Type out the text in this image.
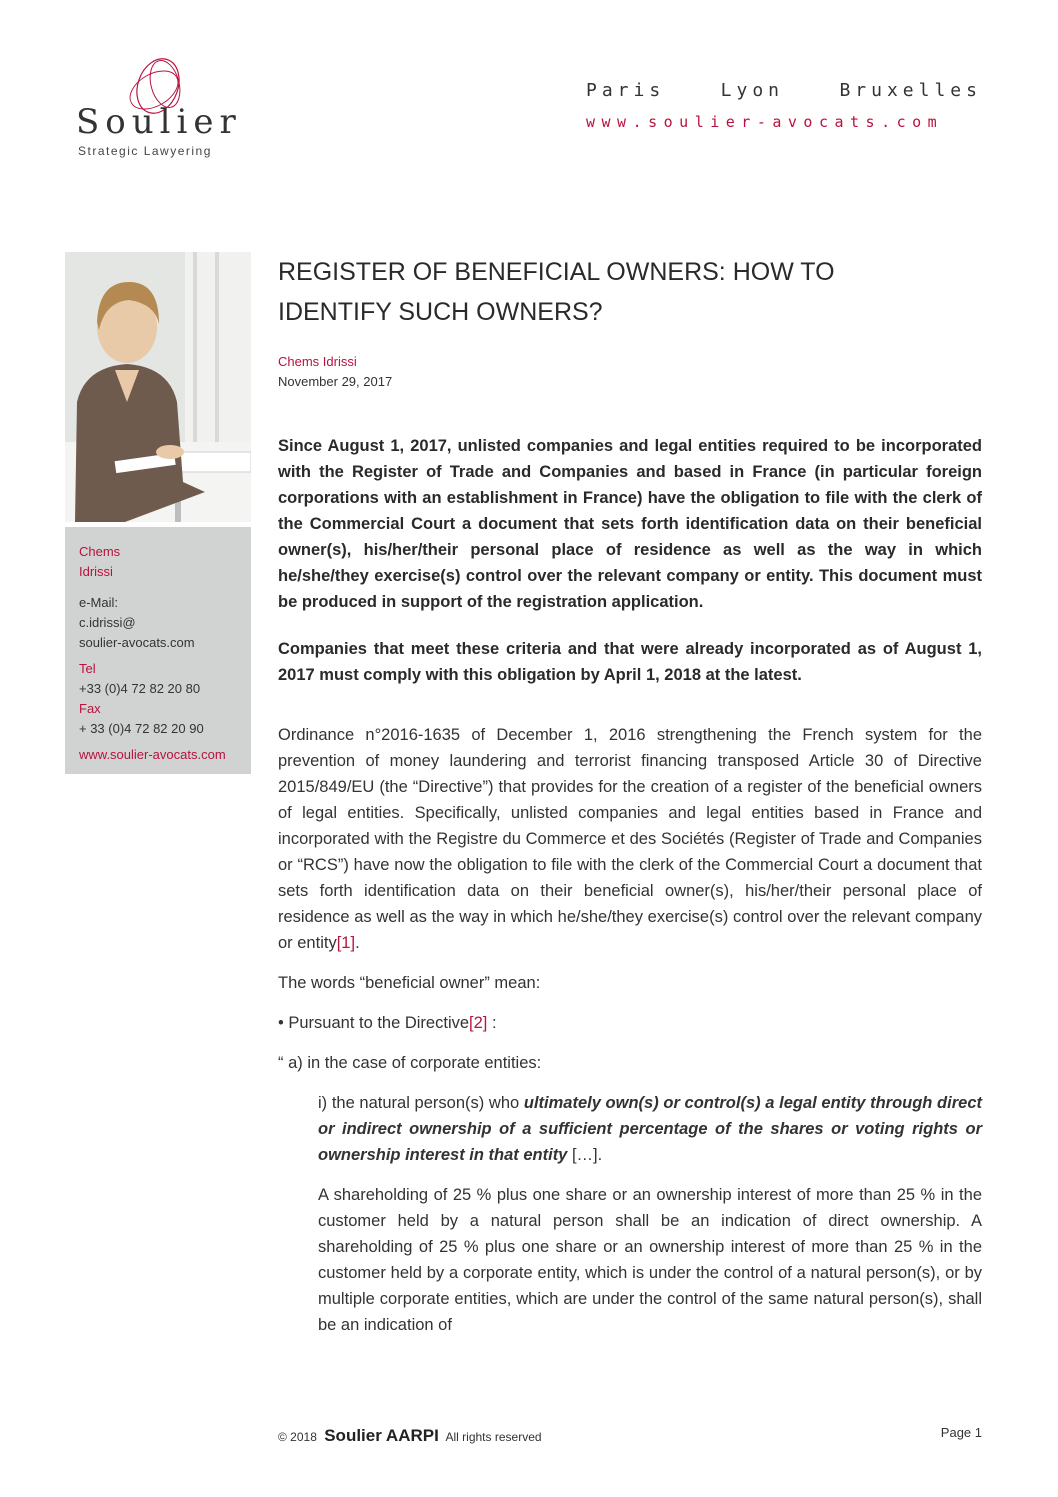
Soulier
Strategic Lawyering
Paris	Lyon	Bruxelles
www.soulier-avocats.com
Chems
Idrissi
e-Mail:
c.idrissi@
soulier-avocats.com
Tel
+33 (0)4 72 82 20 80
Fax
+ 33 (0)4 72 82 20 90
www.soulier-avocats.com
REGISTER OF BENEFICIAL OWNERS: HOW TO IDENTIFY SUCH OWNERS?
Chems Idrissi
November 29, 2017

Since August 1, 2017, unlisted companies and legal entities required to be incorporated with the Register of Trade and Companies and based in France (in particular foreign corporations with an establishment in France) have the obligation to file with the clerk of the Commercial Court a document that sets forth identification data on their beneficial owner(s), his/her/their personal place of residence as well as the way in which he/she/they exercise(s) control over the relevant company or entity. This document must be produced in support of the registration application.

Companies that meet these criteria and that were already incorporated as of August 1, 2017 must comply with this obligation by April 1, 2018 at the latest.

Ordinance n°2016-1635 of December 1, 2016 strengthening the French system for the prevention of money laundering and terrorist financing transposed Article 30 of Directive 2015/849/EU (the “Directive”) that provides for the creation of a register of the beneficial owners of legal entities. Specifically, unlisted companies and legal entities based in France and incorporated with the Registre du Commerce et des Sociétés (Register of Trade and Companies or “RCS”) have now the obligation to file with the clerk of the Commercial Court a document that sets forth identification data on their beneficial owner(s), his/her/their personal place of residence as well as the way in which he/she/they exercise(s) control over the relevant company or entity[1].

The words “beneficial owner” mean:

• Pursuant to the Directive[2] :

“ a) in the case of corporate entities:

i) the natural person(s) who ultimately own(s) or control(s) a legal entity through direct or indirect ownership of a sufficient percentage of the shares or voting rights or ownership interest in that entity […].

A shareholding of 25 % plus one share or an ownership interest of more than 25 % in the customer held by a natural person shall be an indication of direct ownership. A shareholding of 25 % plus one share or an ownership interest of more than 25 % in the customer held by a corporate entity, which is under the control of a natural person(s), or by multiple corporate entities, which are under the control of the same natural person(s), shall be an indication of

© 2018 Soulier AARPI All rights reserved	Page 1
